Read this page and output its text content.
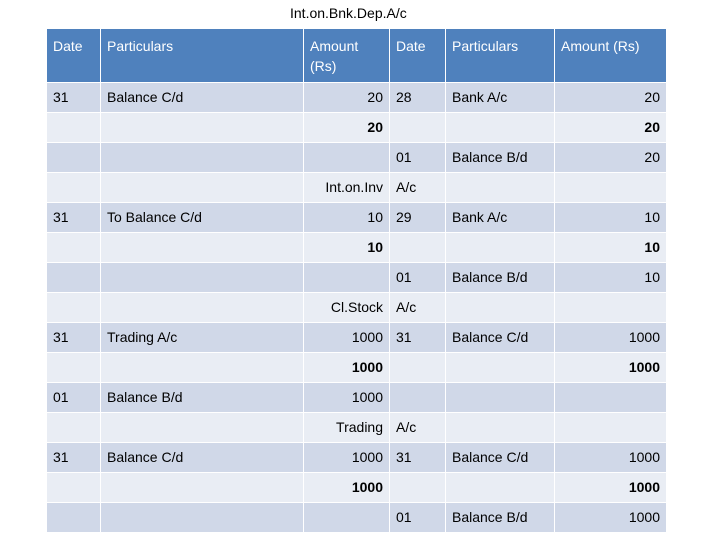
Int.on.Bnk.Dep.A/c
Date	Particulars	Amount (Rs)	Date	Particulars	Amount (Rs)
31	Balance C/d	20	28	Bank A/c	20
		20			20
			01	Balance B/d	20
		Int.on.Inv	A/c		
31	To Balance C/d	10	29	Bank A/c	10
		10			10
			01	Balance B/d	10
		Cl.Stock	A/c		
31	Trading A/c	1000	31	Balance C/d	1000
		1000			1000
01	Balance B/d	1000			
		Trading	A/c		
31	Balance C/d	1000	31	Balance C/d	1000
		1000			1000
			01	Balance B/d	1000
